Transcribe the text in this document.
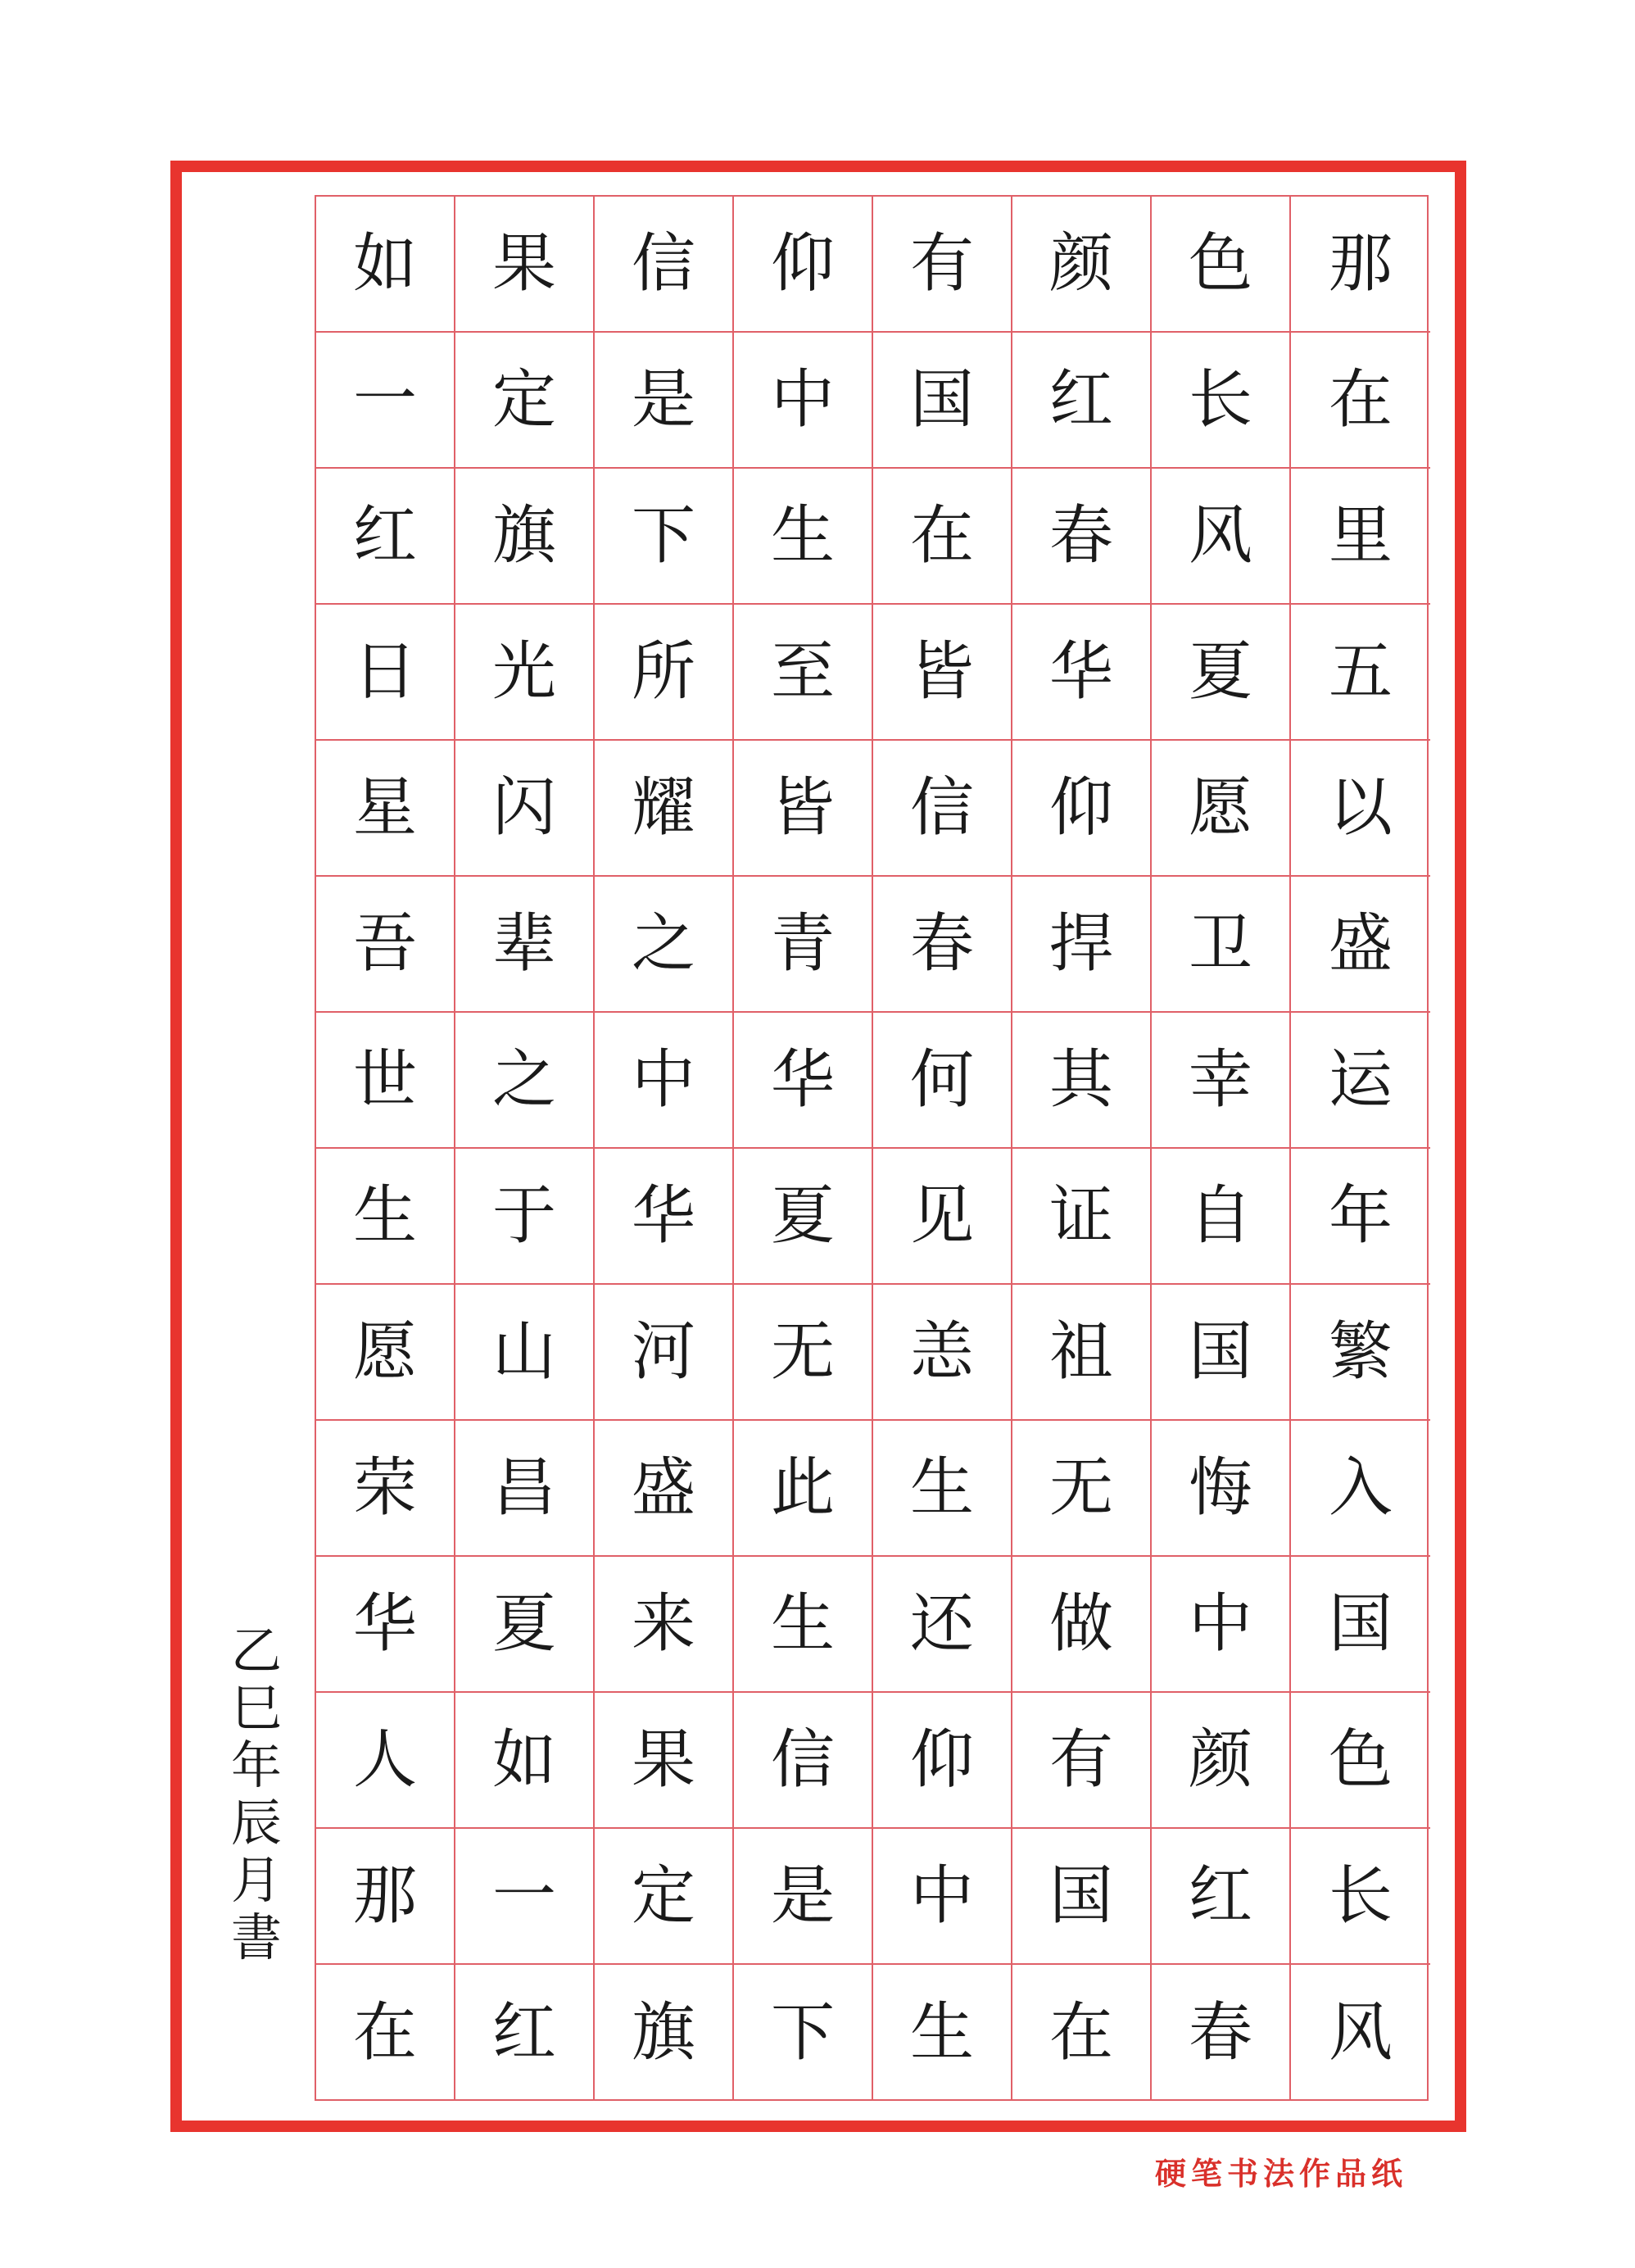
那
在
里
五
以
盛
运
年
繁
入
国
色
长
风
色
长
风
夏
愿
卫
幸
自
国
悔
中
颜
红
春
颜
红
春
华
仰
捍
其
证
祖
无
做
有
国
在
有
国
在
皆
信
春
何
见
恙
生
还
仰
中
生
仰
中
生
至
皆
青
华
夏
无
此
生
信
是
下
信
是
下
所
耀
之
中
华
河
盛
来
果
定
旗
果
定
旗
光
闪
辈
之
于
山
昌
夏
如
一
红
如
一
红
日
星
吾
世
生
愿
荣
华
人
那
在
乙
巳
年
辰
月
書
硬笔书法作品纸
